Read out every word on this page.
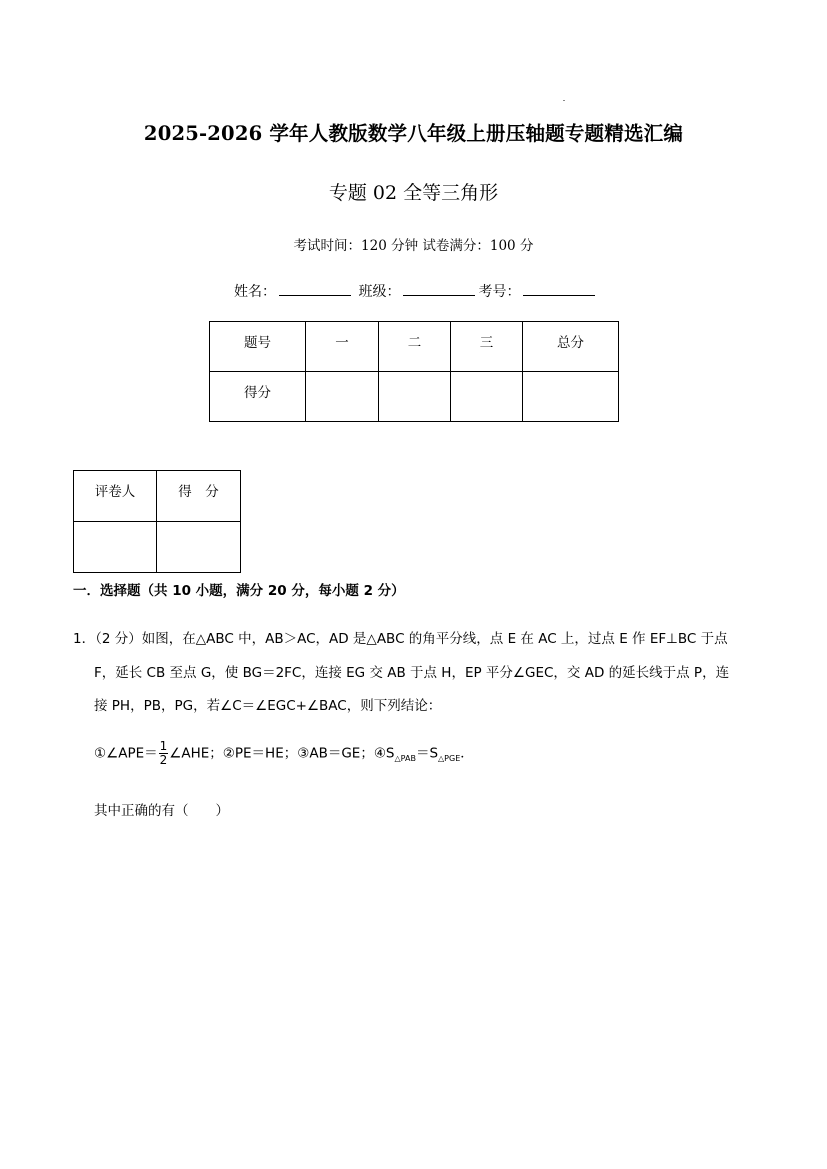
2025-2026 学年人教版数学八年级上册压轴题专题精选汇编
专题 02 全等三角形
考试时间：120 分钟 试卷满分：100 分
姓名：	班级：	考号：
题号	一	二	三	总分
得分				
评卷人	得　分

一．选择题（共 10 小题，满分 20 分，每小题 2 分）
1．（2 分）如图，在△ABC 中，AB＞AC，AD 是△ABC 的角平分线，点 E 在 AC 上，过点 E 作 EF⊥BC 于点
F，延长 CB 至点 G，使 BG＝2FC，连接 EG 交 AB 于点 H，EP 平分∠GEC，交 AD 的延长线于点 P，连
接 PH，PB，PG，若∠C＝∠EGC+∠BAC，则下列结论：
①∠APE＝ $\frac{1}{2}$ ∠AHE；②PE＝HE；③AB＝GE；$④S_{\triangle PAB}=S_{\triangle PGE}$．
其中正确的有（　　）
